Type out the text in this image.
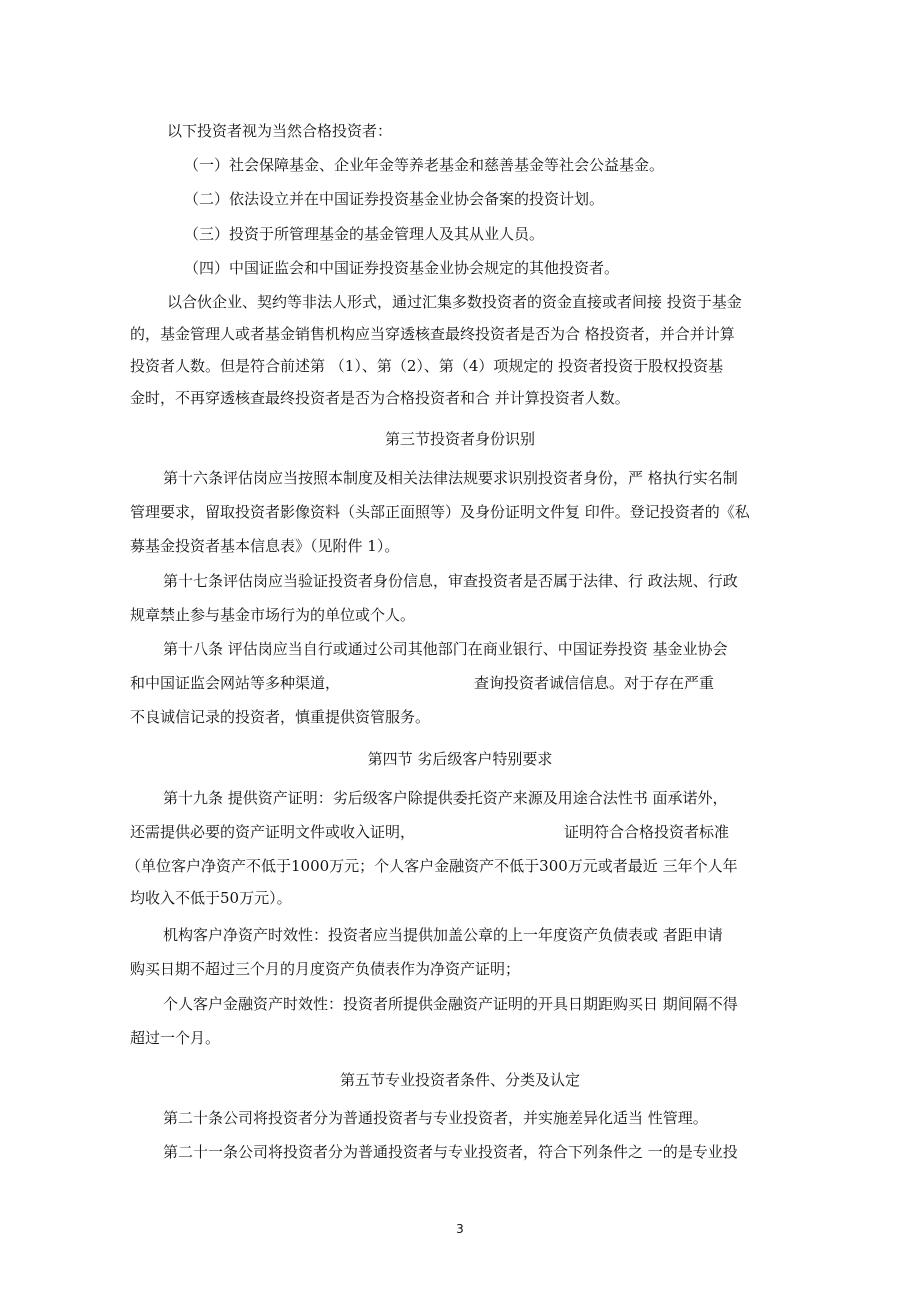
以下投资者视为当然合格投资者：
（一）社会保障基金、企业年金等养老基金和慈善基金等社会公益基金。
（二）依法设立并在中国证券投资基金业协会备案的投资计划。
（三）投资于所管理基金的基金管理人及其从业人员。
（四）中国证监会和中国证券投资基金业协会规定的其他投资者。
以合伙企业、契约等非法人形式，通过汇集多数投资者的资金直接或者间接 投资于基金
的，基金管理人或者基金销售机构应当穿透核查最终投资者是否为合 格投资者，并合并计算
投资者人数。但是符合前述第 （1）、第（2）、第（4）项规定的 投资者投资于股权投资基
金时，不再穿透核查最终投资者是否为合格投资者和合 并计算投资者人数。
第三节投资者身份识别
第十六条评估岗应当按照本制度及相关法律法规要求识别投资者身份，严 格执行实名制
管理要求，留取投资者影像资料（头部正面照等）及身份证明文件复 印件。登记投资者的《私
募基金投资者基本信息表》（见附件 1）。
第十七条评估岗应当验证投资者身份信息，审查投资者是否属于法律、行 政法规、行政
规章禁止参与基金市场行为的单位或个人。
第十八条 评估岗应当自行或通过公司其他部门在商业银行、中国证券投资 基金业协会
和中国证监会网站等多种渠道，	查询投资者诚信信息。对于存在严重
不良诚信记录的投资者，慎重提供资管服务。
第四节 劣后级客户特别要求
第十九条 提供资产证明：劣后级客户除提供委托资产来源及用途合法性书 面承诺外，
还需提供必要的资产证明文件或收入证明，	证明符合合格投资者标准
（单位客户净资产不低于1000万元；个人客户金融资产不低于300万元或者最近 三年个人年
均收入不低于50万元）。
机构客户净资产时效性：投资者应当提供加盖公章的上一年度资产负债表或 者距申请
购买日期不超过三个月的月度资产负债表作为净资产证明；
个人客户金融资产时效性：投资者所提供金融资产证明的开具日期距购买日 期间隔不得
超过一个月。
第五节专业投资者条件、分类及认定
第二十条公司将投资者分为普通投资者与专业投资者，并实施差异化适当 性管理。
第二十一条公司将投资者分为普通投资者与专业投资者，符合下列条件之 一的是专业投
3
